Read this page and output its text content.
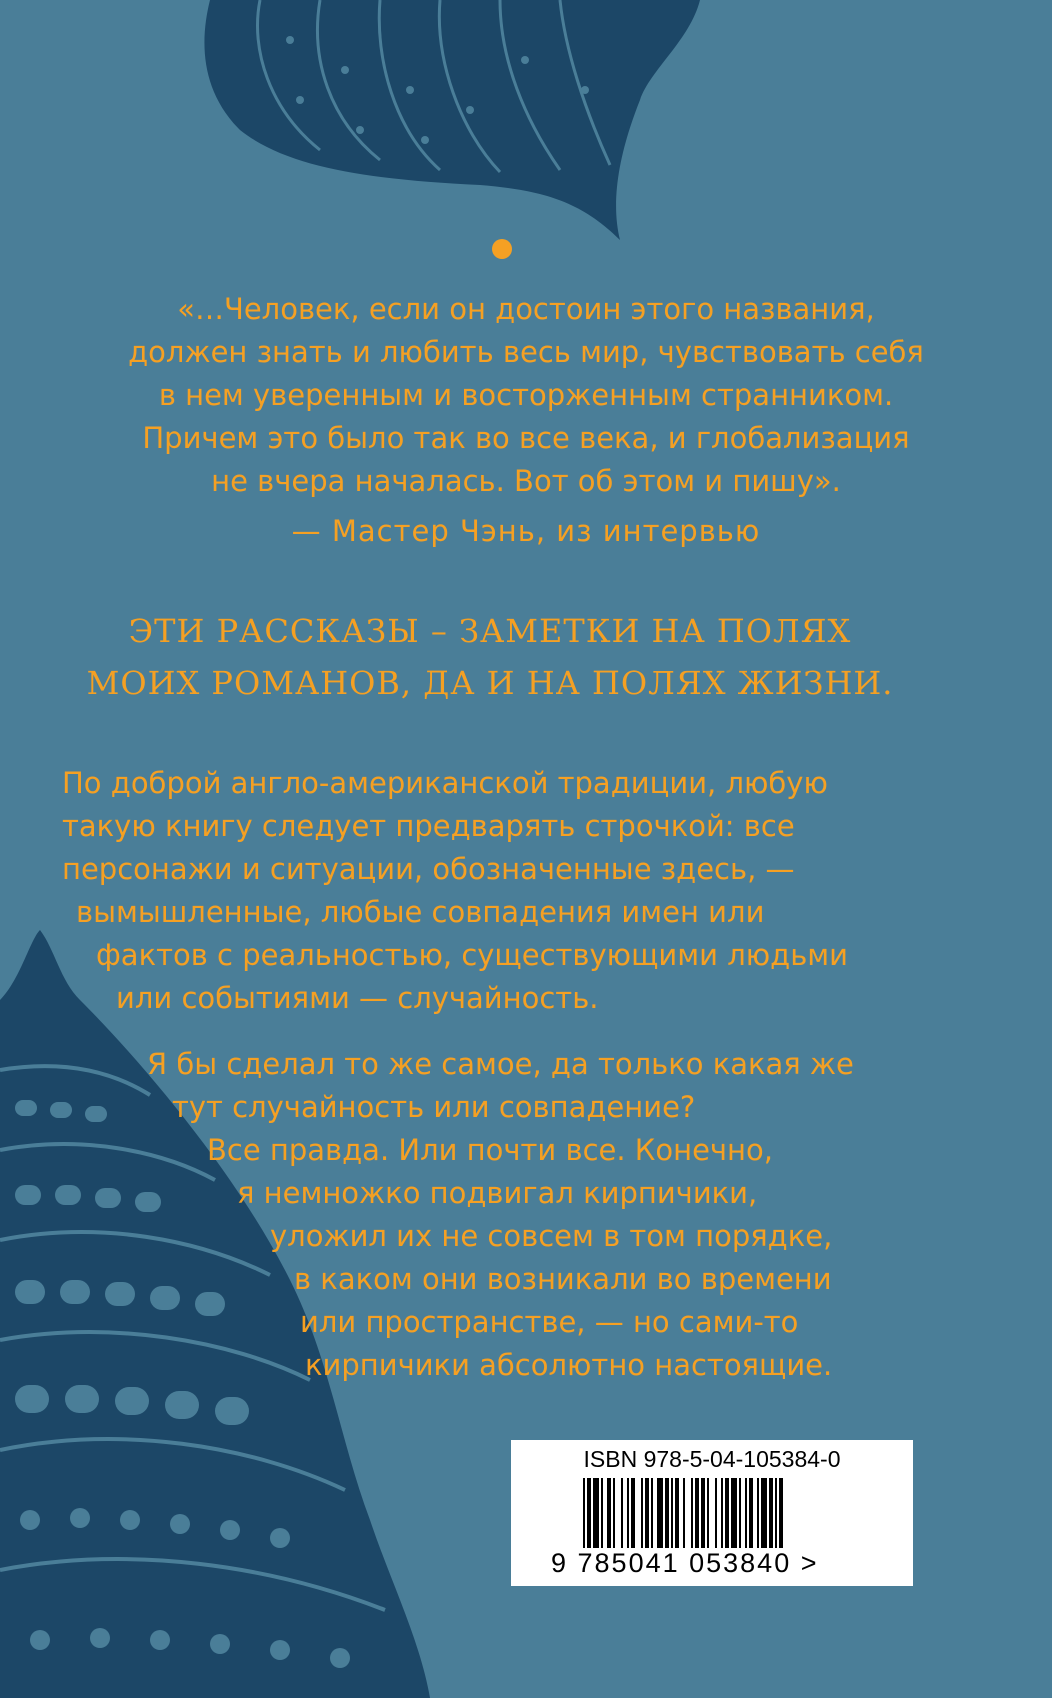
«…Человек, если он достоин этого названия,
должен знать и любить весь мир, чувствовать себя
в нем уверенным и восторженным странником.
Причем это было так во все века, и глобализация
не вчера началась. Вот об этом и пишу».
— Мастер Чэнь, из интервью
ЭТИ РАССКАЗЫ – ЗАМЕТКИ НА ПОЛЯХ
МОИХ РОМАНОВ, ДА И НА ПОЛЯХ ЖИЗНИ.
По доброй англо-американской традиции, любую
такую книгу следует предварять строчкой: все
персонажи и ситуации, обозначенные здесь, —
вымышленные, любые совпадения имен или
фактов с реальностью, существующими людьми
или событиями — случайность.
Я бы сделал то же самое, да только какая же
тут случайность или совпадение?
Все правда. Или почти все. Конечно,
я немножко подвигал кирпичики,
уложил их не совсем в том порядке,
в каком они возникали во времени
или пространстве, — но сами-то
кирпичики абсолютно настоящие.
ISBN 978-5-04-105384-0
9 785041 053840 >
